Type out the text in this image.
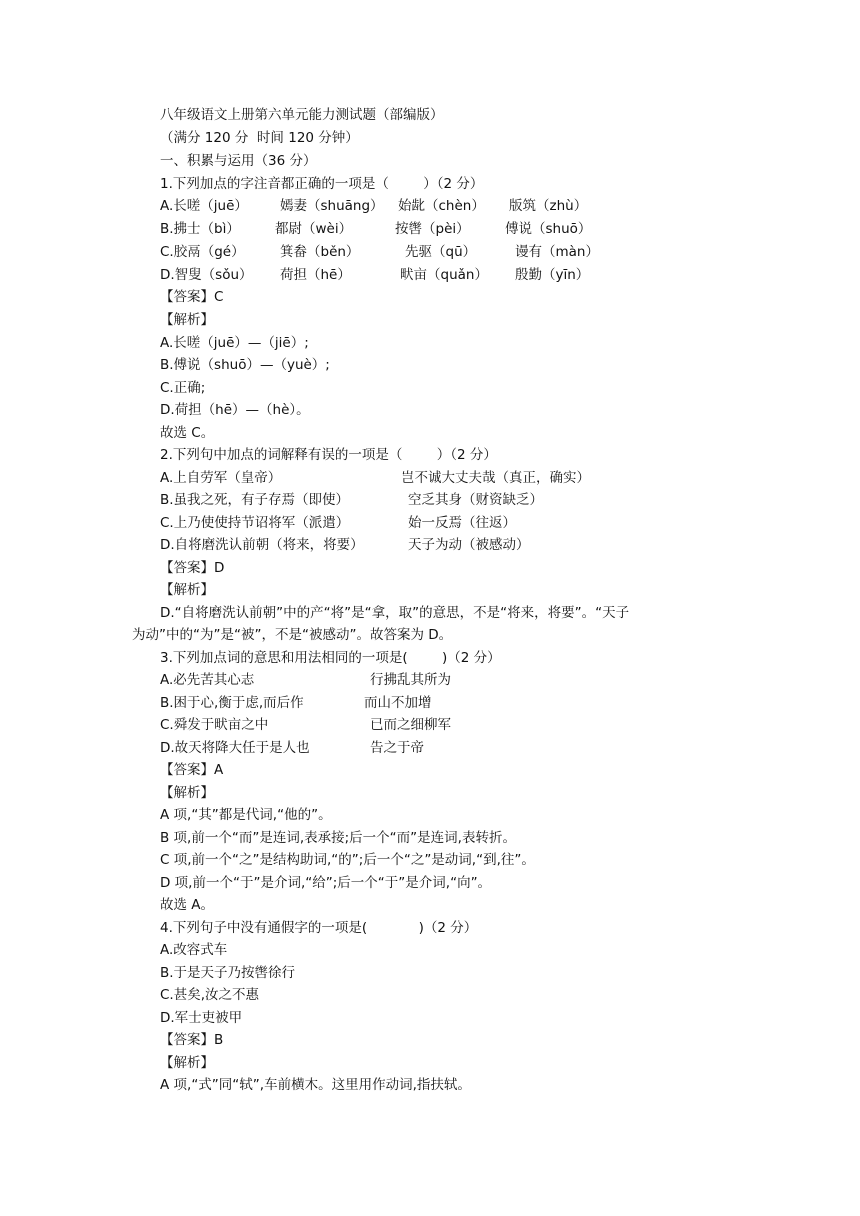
八年级语文上册第六单元能力测试题（部编版）
（满分 120 分  时间 120 分钟）
一、积累与运用（36 分）
1.下列加点的字注音都正确的一项是（        ）（2 分）
A.长嗟（juē） 嫣妻（shuāng） 始龀（chèn） 版筑（zhù）
B.拂士（bì）	都尉（wèi）	按辔（pèi）	傅说（shuō）
C.胶鬲（gé）	箕畚（běn）	先驱（qū）	谩有（màn）
D.智叟（sǒu） 荷担（hē）	畎亩（quǎn） 殷勤（yīn）
【答案】C
【解析】
A.长嗟（juē）—（jiē）;
B.傅说（shuō）—（yuè）;
C.正确;
D.荷担（hē）—（hè）。
故选 C。
2.下列句中加点的词解释有误的一项是（        ）（2 分）
A.上自劳军（皇帝）	岂不诚大丈夫哉（真正，确实）
B.虽我之死，有子存焉（即使）	空乏其身（财资缺乏）
C.上乃使使持节诏将军（派遣）	始一反焉（往返）
D.自将磨洗认前朝（将来，将要）	天子为动（被感动）
【答案】D
【解析】
D.“自将磨洗认前朝”中的产“将”是“拿，取”的意思，不是“将来，将要”。“天子
为动”中的“为”是“被”，不是“被感动”。故答案为 D。
3.下列加点词的意思和用法相同的一项是(        )（2 分）
A.必先苦其心志	行拂乱其所为
B.困于心,衡于虑,而后作	而山不加增
C.舜发于畎亩之中	已而之细柳军
D.故天将降大任于是人也	告之于帝
【答案】A
【解析】
A 项,“其”都是代词,“他的”。
B 项,前一个“而”是连词,表承接;后一个“而”是连词,表转折。
C 项,前一个“之”是结构助词,“的”;后一个“之”是动词,“到,往”。
D 项,前一个“于”是介词,“给”;后一个“于”是介词,“向”。
故选 A。
4.下列句子中没有通假字的一项是(            )（2 分）
A.改容式车
B.于是天子乃按辔徐行
C.甚矣,汝之不惠
D.军士吏被甲
【答案】B
【解析】
A 项,“式”同“轼”,车前横木。这里用作动词,指扶轼。
